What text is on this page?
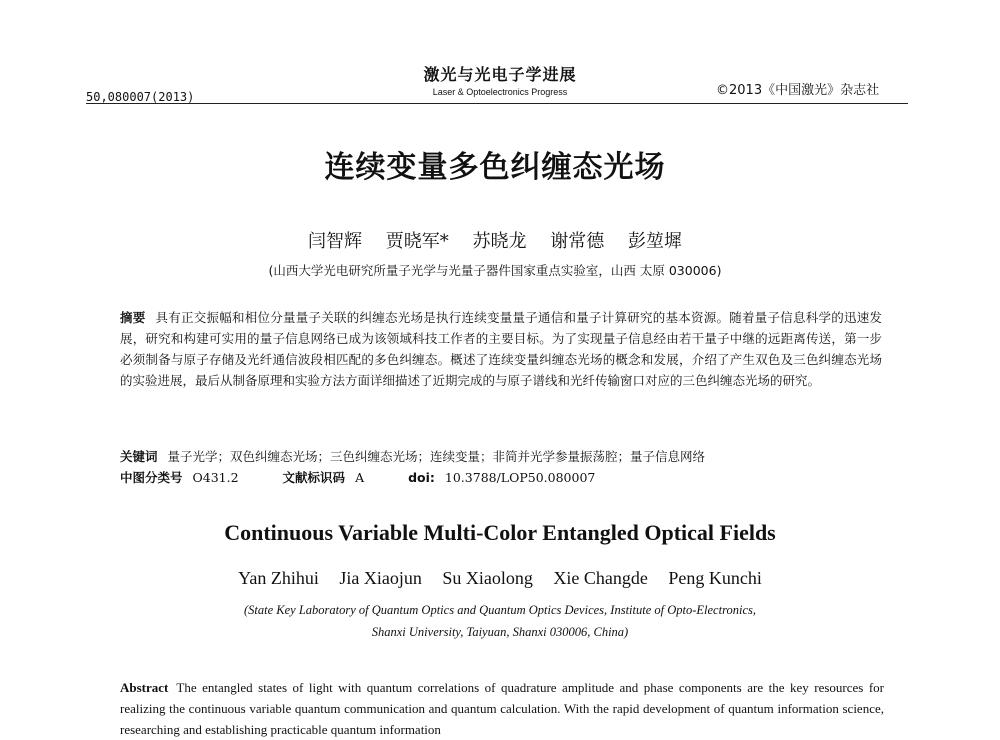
50,080007(2013)
激光与光电子学进展
Laser & Optoelectronics Progress	©2013《中国激光》杂志社
连续变量多色纠缠态光场
闫智辉 贾晓军* 苏晓龙 谢常德 彭堃墀
(山西大学光电研究所量子光学与光量子器件国家重点实验室，山西 太原 030006)
摘要 具有正交振幅和相位分量量子关联的纠缠态光场是执行连续变量量子通信和量子计算研究的基本资源。随着量子信息科学的迅速发展，研究和构建可实用的量子信息网络已成为该领域科技工作者的主要目标。为了实现量子信息经由若干量子中继的远距离传送，第一步必须制备与原子存储及光纤通信波段相匹配的多色纠缠态。概述了连续变量纠缠态光场的概念和发展，介绍了产生双色及三色纠缠态光场的实验进展，最后从制备原理和实验方法方面详细描述了近期完成的与原子谱线和光纤传输窗口对应的三色纠缠态光场的研究。
关键词 量子光学；双色纠缠态光场；三色纠缠态光场；连续变量；非简并光学参量振荡腔；量子信息网络
中图分类号 O431.2	文献标识码 A	doi: 10.3788/LOP50.080007
Continuous Variable Multi-Color Entangled Optical Fields
Yan Zhihui Jia Xiaojun Su Xiaolong Xie Changde Peng Kunchi
(State Key Laboratory of Quantum Optics and Quantum Optics Devices, Institute of Opto-Electronics,
Shanxi University, Taiyuan, Shanxi 030006, China)
Abstract The entangled states of light with quantum correlations of quadrature amplitude and phase components are the key resources for realizing the continuous variable quantum communication and quantum calculation. With the rapid development of quantum information science, researching and establishing practicable quantum information
